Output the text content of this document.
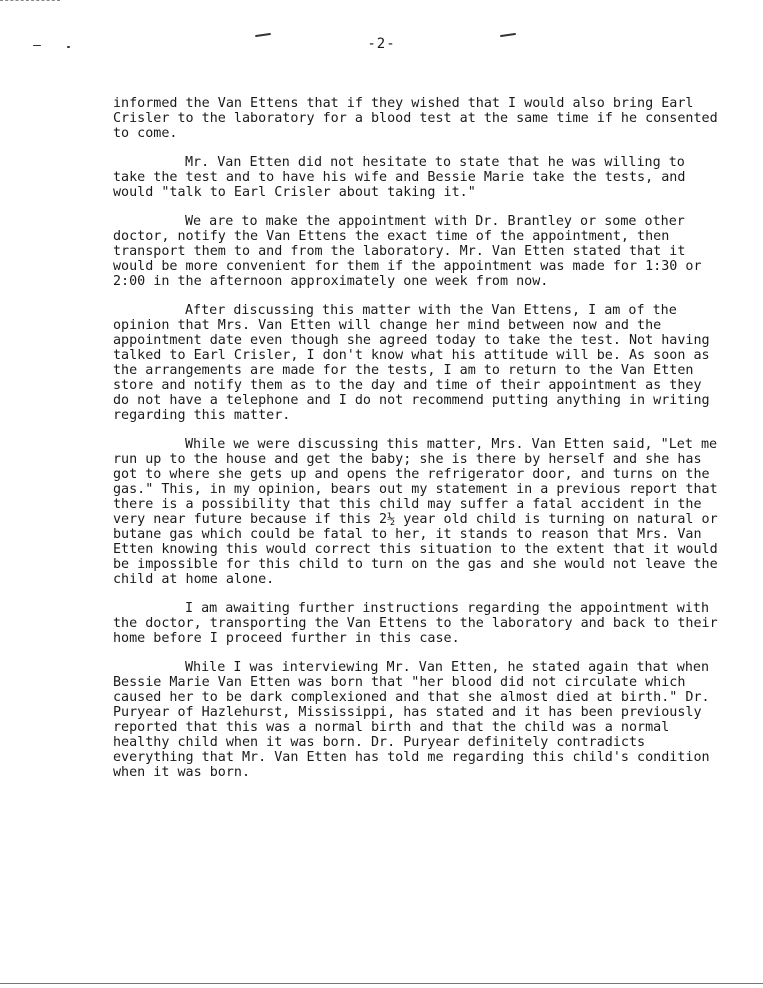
-2-

informed the Van Ettens that if they wished that I would also bring Earl Crisler to the laboratory for a blood test at the same time if he consented to come.

Mr. Van Etten did not hesitate to state that he was willing to take the test and to have his wife and Bessie Marie take the tests, and would "talk to Earl Crisler about taking it."

We are to make the appointment with Dr. Brantley or some other doctor, notify the Van Ettens the exact time of the appointment, then transport them to and from the laboratory. Mr. Van Etten stated that it would be more convenient for them if the appointment was made for 1:30 or 2:00 in the afternoon approximately one week from now.

After discussing this matter with the Van Ettens, I am of the opinion that Mrs. Van Etten will change her mind between now and the appointment date even though she agreed today to take the test. Not having talked to Earl Crisler, I don't know what his attitude will be. As soon as the arrangements are made for the tests, I am to return to the Van Etten store and notify them as to the day and time of their appointment as they do not have a telephone and I do not recommend putting anything in writing regarding this matter.

While we were discussing this matter, Mrs. Van Etten said, "Let me run up to the house and get the baby; she is there by herself and she has got to where she gets up and opens the refrigerator door, and turns on the gas." This, in my opinion, bears out my statement in a previous report that there is a possibility that this child may suffer a fatal accident in the very near future because if this 2½ year old child is turning on natural or butane gas which could be fatal to her, it stands to reason that Mrs. Van Etten knowing this would correct this situation to the extent that it would be impossible for this child to turn on the gas and she would not leave the child at home alone.

I am awaiting further instructions regarding the appointment with the doctor, transporting the Van Ettens to the laboratory and back to their home before I proceed further in this case.

While I was interviewing Mr. Van Etten, he stated again that when Bessie Marie Van Etten was born that "her blood did not circulate which caused her to be dark complexioned and that she almost died at birth." Dr. Puryear of Hazlehurst, Mississippi, has stated and it has been previously reported that this was a normal birth and that the child was a normal healthy child when it was born. Dr. Puryear definitely contradicts everything that Mr. Van Etten has told me regarding this child's condition when it was born.
